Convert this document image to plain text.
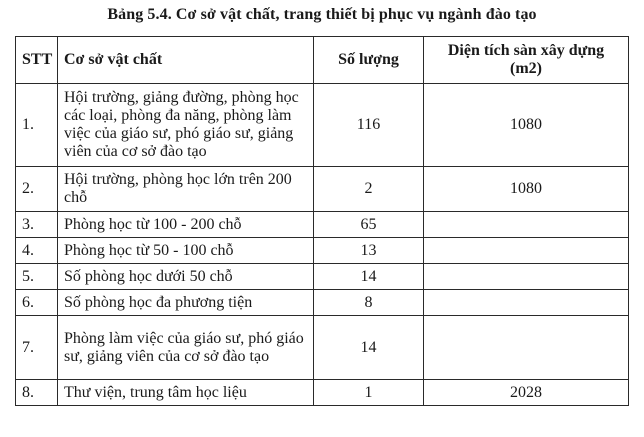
Bảng 5.4. Cơ sở vật chất, trang thiết bị phục vụ ngành đào tạo
STT	Cơ sở vật chất	Số lượng	Diện tích sàn xây dựng (m2)
1.	Hội trường, giảng đường, phòng học các loại, phòng đa năng, phòng làm việc của giáo sư, phó giáo sư, giảng viên của cơ sở đào tạo	116	1080
2.	Hội trường, phòng học lớn trên 200 chỗ	2	1080
3.	Phòng học từ 100 - 200 chỗ	65	
4.	Phòng học từ 50 - 100 chỗ	13	
5.	Số phòng học dưới 50 chỗ	14	
6.	Số phòng học đa phương tiện	8	
7.	Phòng làm việc của giáo sư, phó giáo sư, giảng viên của cơ sở đào tạo	14	
8.	Thư viện, trung tâm học liệu	1	2028
